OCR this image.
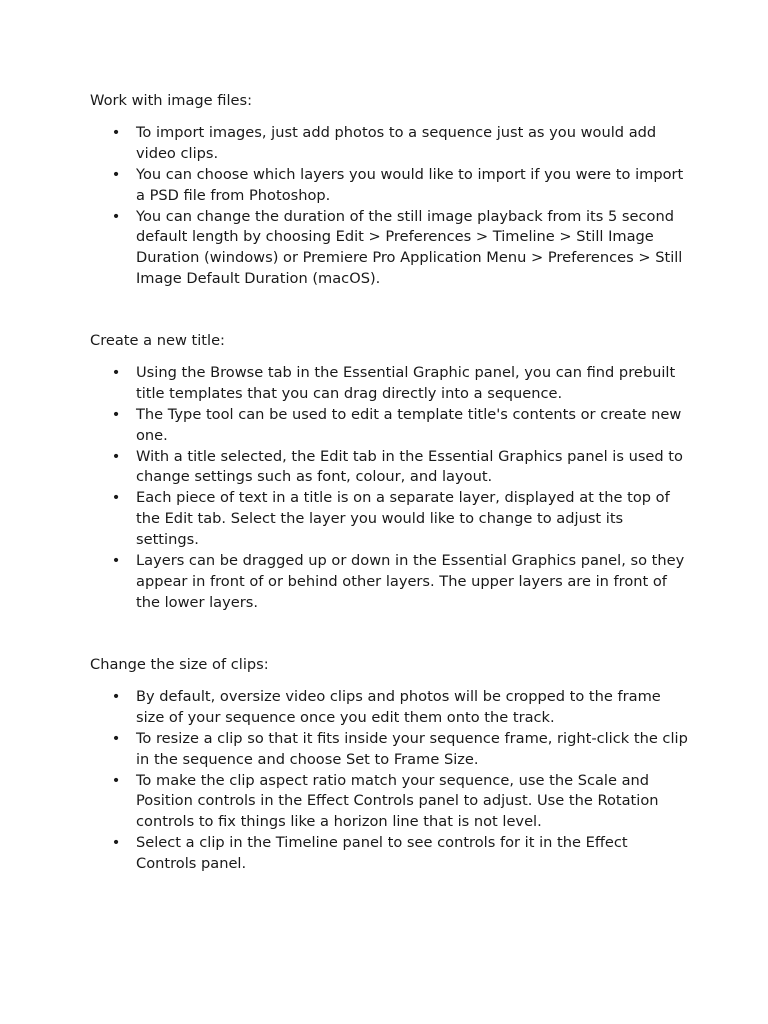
Work with image files:

• To import images, just add photos to a sequence just as you would add video clips.
• You can choose which layers you would like to import if you were to import a PSD file from Photoshop.
• You can change the duration of the still image playback from its 5 second default length by choosing Edit > Preferences > Timeline > Still Image Duration (windows) or Premiere Pro Application Menu > Preferences > Still Image Default Duration (macOS).

Create a new title:

• Using the Browse tab in the Essential Graphic panel, you can find prebuilt title templates that you can drag directly into a sequence.
• The Type tool can be used to edit a template title's contents or create new one.
• With a title selected, the Edit tab in the Essential Graphics panel is used to change settings such as font, colour, and layout.
• Each piece of text in a title is on a separate layer, displayed at the top of the Edit tab. Select the layer you would like to change to adjust its settings.
• Layers can be dragged up or down in the Essential Graphics panel, so they appear in front of or behind other layers. The upper layers are in front of the lower layers.

Change the size of clips:

• By default, oversize video clips and photos will be cropped to the frame size of your sequence once you edit them onto the track.
• To resize a clip so that it fits inside your sequence frame, right-click the clip in the sequence and choose Set to Frame Size.
• To make the clip aspect ratio match your sequence, use the Scale and Position controls in the Effect Controls panel to adjust. Use the Rotation controls to fix things like a horizon line that is not level.
• Select a clip in the Timeline panel to see controls for it in the Effect Controls panel.
